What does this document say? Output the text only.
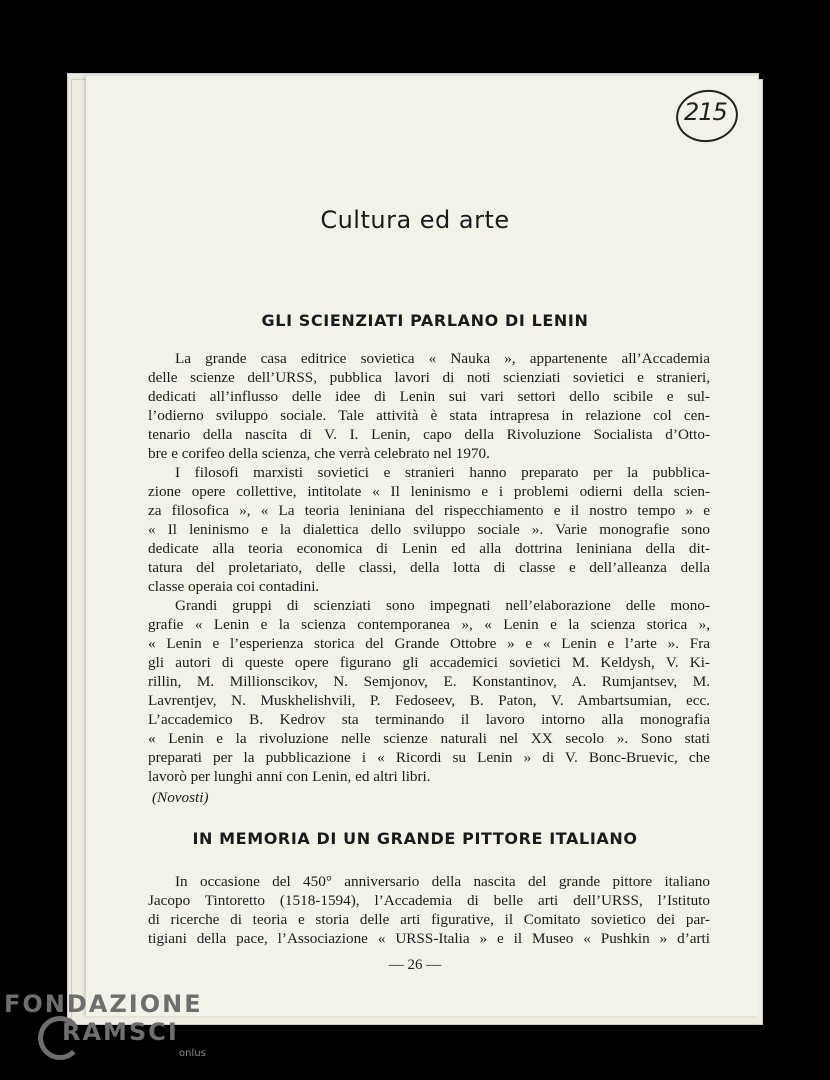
215
Cultura ed arte
GLI SCIENZIATI PARLANO DI LENIN
La grande casa editrice sovietica « Nauka », appartenente all’Accademia
delle scienze dell’URSS, pubblica lavori di noti scienziati sovietici e stranieri,
dedicati all’influsso delle idee di Lenin sui vari settori dello scibile e sul-
l’odierno sviluppo sociale. Tale attività è stata intrapresa in relazione col cen-
tenario della nascita di V. I. Lenin, capo della Rivoluzione Socialista d’Otto-
bre e corifeo della scienza, che verrà celebrato nel 1970.
I filosofi marxisti sovietici e stranieri hanno preparato per la pubblica-
zione opere collettive, intitolate « Il leninismo e i problemi odierni della scien-
za filosofica », « La teoria leniniana del rispecchiamento e il nostro tempo » e
« Il leninismo e la dialettica dello sviluppo sociale ». Varie monografie sono
dedicate alla teoria economica di Lenin ed alla dottrina leniniana della dit-
tatura del proletariato, delle classi, della lotta di classe e dell’alleanza della
classe operaia coi contadini.
Grandi gruppi di scienziati sono impegnati nell’elaborazione delle mono-
grafie « Lenin e la scienza contemporanea », « Lenin e la scienza storica »,
« Lenin e l’esperienza storica del Grande Ottobre » e « Lenin e l’arte ». Fra
gli autori di queste opere figurano gli accademici sovietici M. Keldysh, V. Ki-
rillin, M. Millionscikov, N. Semjonov, E. Konstantinov, A. Rumjantsev, M.
Lavrentjev, N. Muskhelishvili, P. Fedoseev, B. Paton, V. Ambartsumian, ecc.
L’accademico B. Kedrov sta terminando il lavoro intorno alla monografia
« Lenin e la rivoluzione nelle scienze naturali nel XX secolo ». Sono stati
preparati per la pubblicazione i « Ricordi su Lenin » di V. Bonc-Bruevic, che
lavorò per lunghi anni con Lenin, ed altri libri.
(Novosti)
IN MEMORIA DI UN GRANDE PITTORE ITALIANO
In occasione del 450° anniversario della nascita del grande pittore italiano
Jacopo Tintoretto (1518-1594), l’Accademia di belle arti dell’URSS, l’Istituto
di ricerche di teoria e storia delle arti figurative, il Comitato sovietico dei par-
tigiani della pace, l’Associazione « URSS-Italia » e il Museo « Pushkin » d’arti
— 26 —
FONDAZIONE
RAMSCI
onlus
